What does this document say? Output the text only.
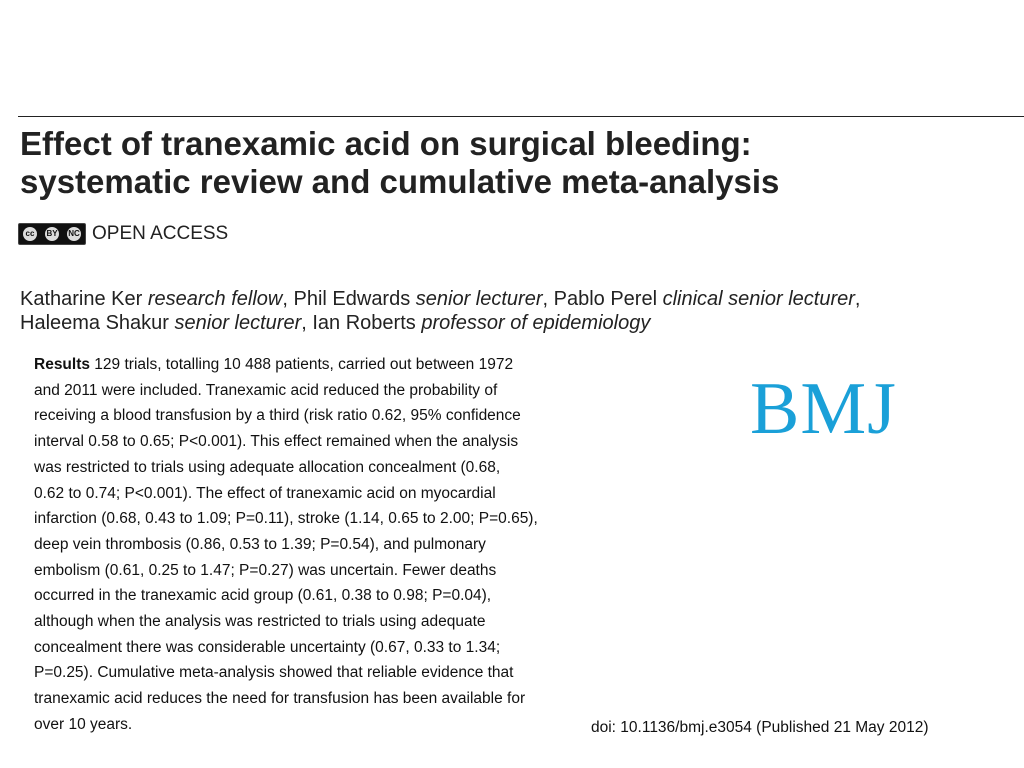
Effect of tranexamic acid on surgical bleeding:
systematic review and cumulative meta-analysis
cc	BY NC OPEN ACCESS
Katharine Ker research fellow, Phil Edwards senior lecturer, Pablo Perel clinical senior lecturer,
Haleema Shakur senior lecturer, Ian Roberts professor of epidemiology
Results 129 trials, totalling 10 488 patients, carried out between 1972
and 2011 were included. Tranexamic acid reduced the probability of
receiving a blood transfusion by a third (risk ratio 0.62, 95% confidence
interval 0.58 to 0.65; P<0.001). This effect remained when the analysis
was restricted to trials using adequate allocation concealment (0.68,
0.62 to 0.74; P<0.001). The effect of tranexamic acid on myocardial
infarction (0.68, 0.43 to 1.09; P=0.11), stroke (1.14, 0.65 to 2.00; P=0.65),
deep vein thrombosis (0.86, 0.53 to 1.39; P=0.54), and pulmonary
embolism (0.61, 0.25 to 1.47; P=0.27) was uncertain. Fewer deaths
occurred in the tranexamic acid group (0.61, 0.38 to 0.98; P=0.04),
although when the analysis was restricted to trials using adequate
concealment there was considerable uncertainty (0.67, 0.33 to 1.34;
P=0.25). Cumulative meta-analysis showed that reliable evidence that
tranexamic acid reduces the need for transfusion has been available for
over 10 years.
BMJ
doi: 10.1136/bmj.e3054 (Published 21 May 2012)
